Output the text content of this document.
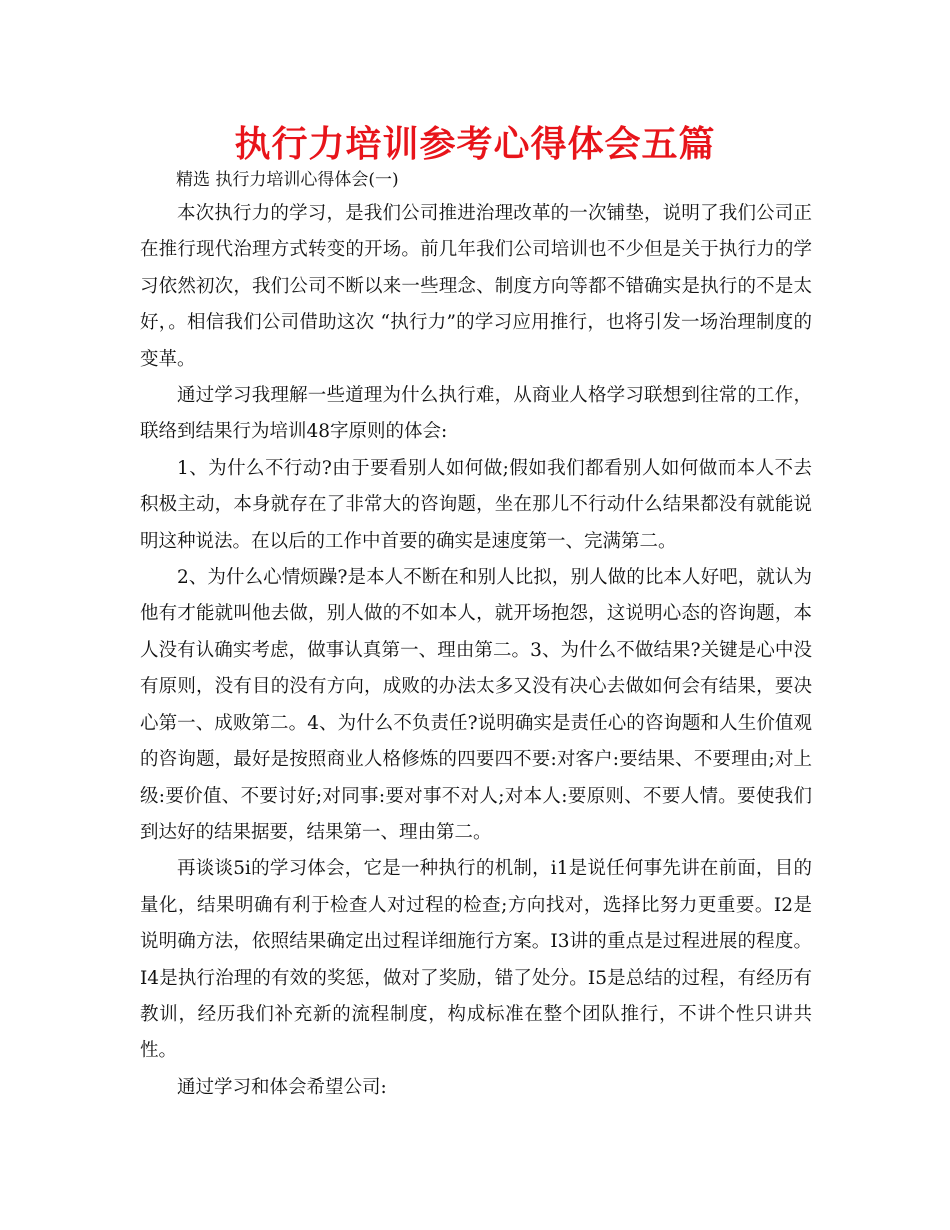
执行力培训参考心得体会五篇
精选 执行力培训心得体会(一)

本次执行力的学习，是我们公司推进治理改革的一次铺垫，说明了我们公司正在推行现代治理方式转变的开场。前几年我们公司培训也不少但是关于执行力的学习依然初次，我们公司不断以来一些理念、制度方向等都不错确实是执行的不是太好，。相信我们公司借助这次 “执行力”的学习应用推行，也将引发一场治理制度的变革。

通过学习我理解一些道理为什么执行难，从商业人格学习联想到往常的工作，联络到结果行为培训48字原则的体会:

1、为什么不行动?由于要看别人如何做;假如我们都看别人如何做而本人不去积极主动，本身就存在了非常大的咨询题，坐在那儿不行动什么结果都没有就能说明这种说法。在以后的工作中首要的确实是速度第一、完满第二。

2、为什么心情烦躁?是本人不断在和别人比拟，别人做的比本人好吧，就认为他有才能就叫他去做，别人做的不如本人，就开场抱怨，这说明心态的咨询题，本人没有认确实考虑，做事认真第一、理由第二。3、为什么不做结果?关键是心中没有原则，没有目的没有方向，成败的办法太多又没有决心去做如何会有结果，要决心第一、成败第二。4、为什么不负责任?说明确实是责任心的咨询题和人生价值观的咨询题，最好是按照商业人格修炼的四要四不要:对客户:要结果、不要理由;对上级:要价值、不要讨好;对同事:要对事不对人;对本人:要原则、不要人情。要使我们到达好的结果据要，结果第一、理由第二。

再谈谈5i的学习体会，它是一种执行的机制，i1是说任何事先讲在前面，目的量化，结果明确有利于检查人对过程的检查;方向找对，选择比努力更重要。I2是说明确方法，依照结果确定出过程详细施行方案。I3讲的重点是过程进展的程度。I4是执行治理的有效的奖惩，做对了奖励，错了处分。I5是总结的过程，有经历有教训，经历我们补充新的流程制度，构成标准在整个团队推行，不讲个性只讲共性。

通过学习和体会希望公司:
